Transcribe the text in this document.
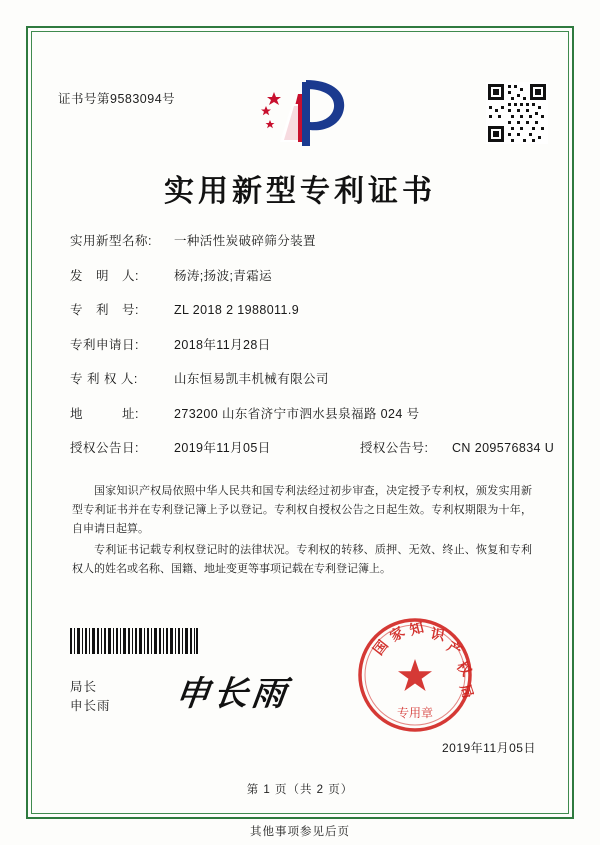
证书号第9583094号
实用新型专利证书
实用新型名称:	一种活性炭破碎筛分装置
发　明　人:	杨涛;扬波;青霜运
专　利　号:	ZL 2018 2 1988011.9
专利申请日:	2018年11月28日
专 利 权 人:	山东恒易凯丰机械有限公司
地　　　址:	273200 山东省济宁市泗水县泉福路 024 号
授权公告日:	2019年11月05日	授权公告号:	CN 209576834 U
国家知识产权局依照中华人民共和国专利法经过初步审查，决定授予专利权，颁发实用新型专利证书并在专利登记簿上予以登记。专利权自授权公告之日起生效。专利权期限为十年，自申请日起算。
专利证书记载专利权登记时的法律状况。专利权的转移、质押、无效、终止、恢复和专利权人的姓名或名称、国籍、地址变更等事项记载在专利登记簿上。
局长
申长雨 申长雨
国
家 知 识
产
权
局
专用章
2019年11月05日
第 1 页（共 2 页）
其他事项参见后页
